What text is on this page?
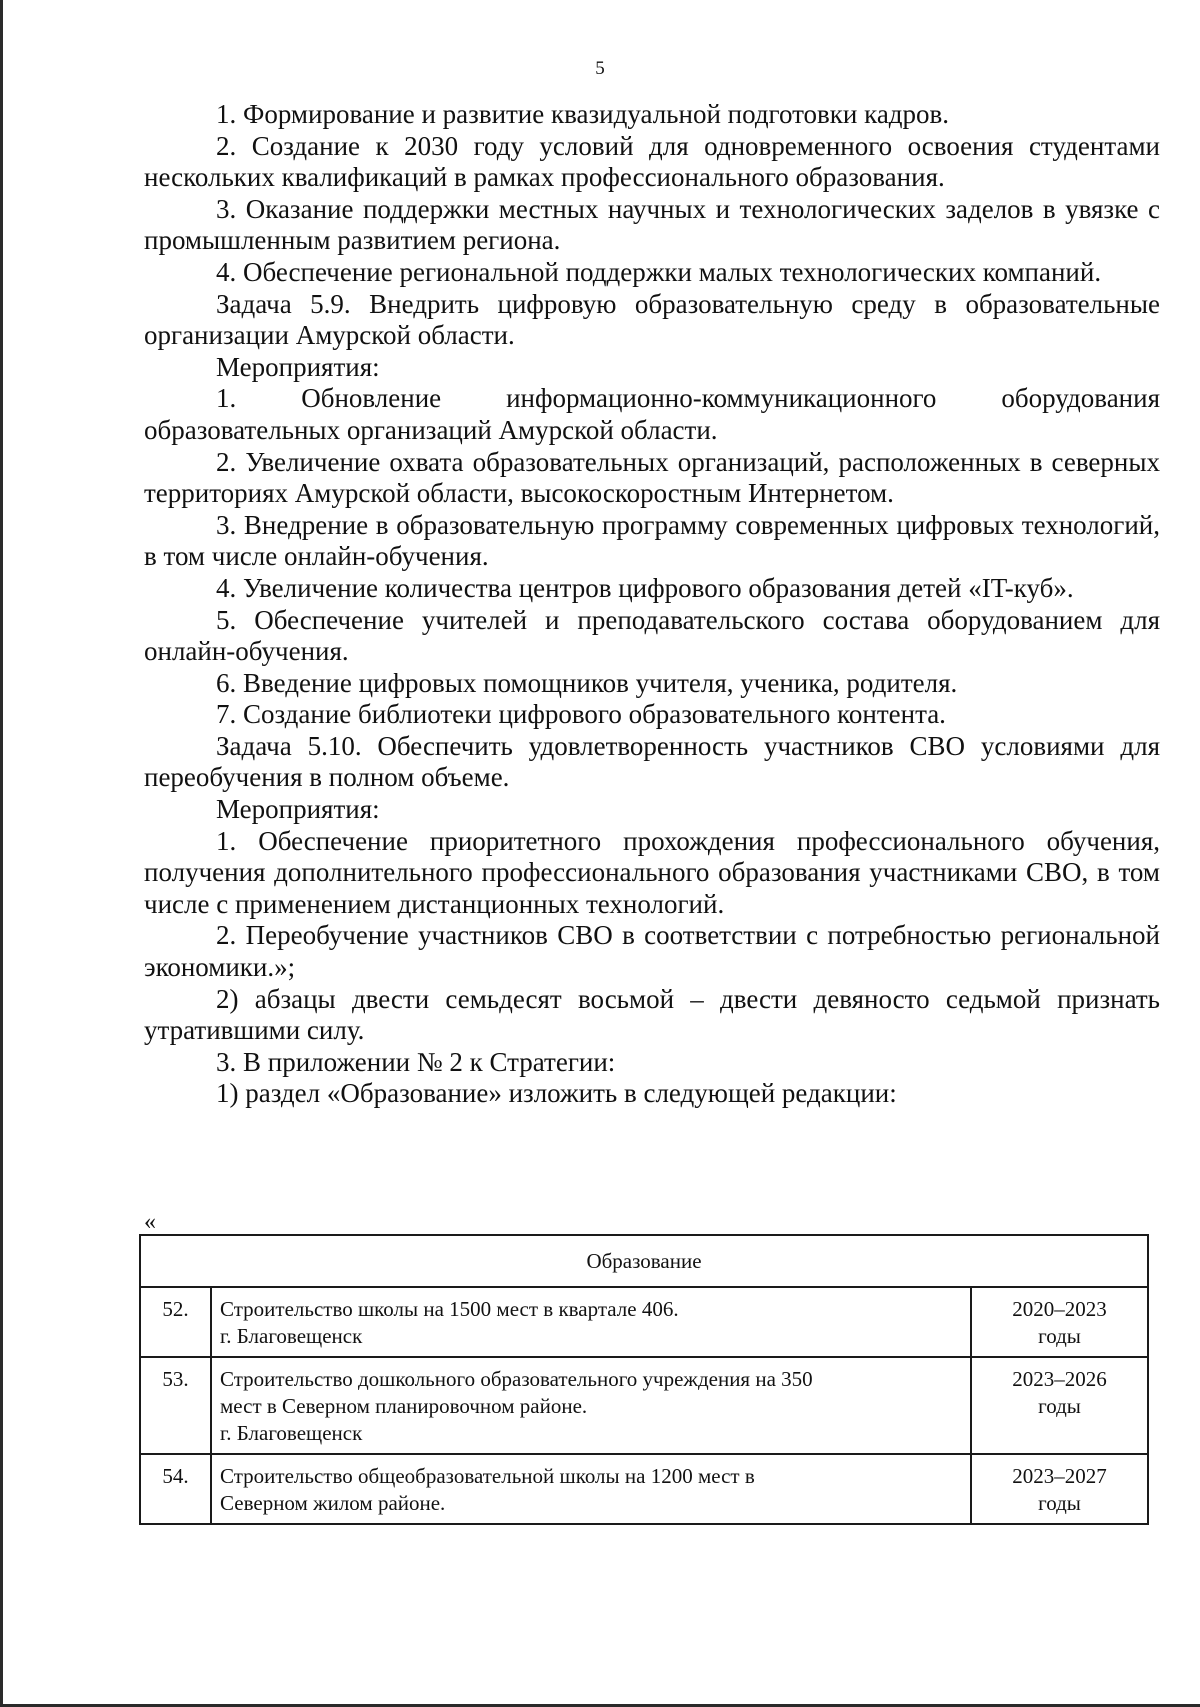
5

1. Формирование и развитие квазидуальной подготовки кадров.

2. Создание к 2030 году условий для одновременного освоения студентами нескольких квалификаций в рамках профессионального образования.

3. Оказание поддержки местных научных и технологических заделов в увязке с промышленным развитием региона.

4. Обеспечение региональной поддержки малых технологических компаний.

Задача 5.9. Внедрить цифровую образовательную среду в образовательные организации Амурской области.

Мероприятия:

1. Обновление информационно-коммуникационного оборудования образовательных организаций Амурской области.

2. Увеличение охвата образовательных организаций, расположенных в северных территориях Амурской области, высокоскоростным Интернетом.

3. Внедрение в образовательную программу современных цифровых технологий, в том числе онлайн-обучения.

4. Увеличение количества центров цифрового образования детей «IT-куб».

5. Обеспечение учителей и преподавательского состава оборудованием для онлайн-обучения.

6. Введение цифровых помощников учителя, ученика, родителя.

7. Создание библиотеки цифрового образовательного контента.

Задача 5.10. Обеспечить удовлетворенность участников СВО условиями для переобучения в полном объеме.

Мероприятия:

1. Обеспечение приоритетного прохождения профессионального обучения, получения дополнительного профессионального образования участниками СВО, в том числе с применением дистанционных технологий.

2. Переобучение участников СВО в соответствии с потребностью региональной экономики.»;

2) абзацы двести семьдесят восьмой – двести девяносто седьмой признать утратившими силу.

3. В приложении № 2 к Стратегии:

1) раздел «Образование» изложить в следующей редакции:

«
Образование		
52.	Строительство школы на 1500 мест в квартале 406.
г. Благовещенск	2020–2023
годы

53.	Строительство дошкольного образовательного учреждения на 350
мест в Северном планировочном районе.
г. Благовещенск	2023–2026
годы

54.	Строительство общеобразовательной школы на 1200 мест в
Северном жилом районе.	2023–2027
годы
